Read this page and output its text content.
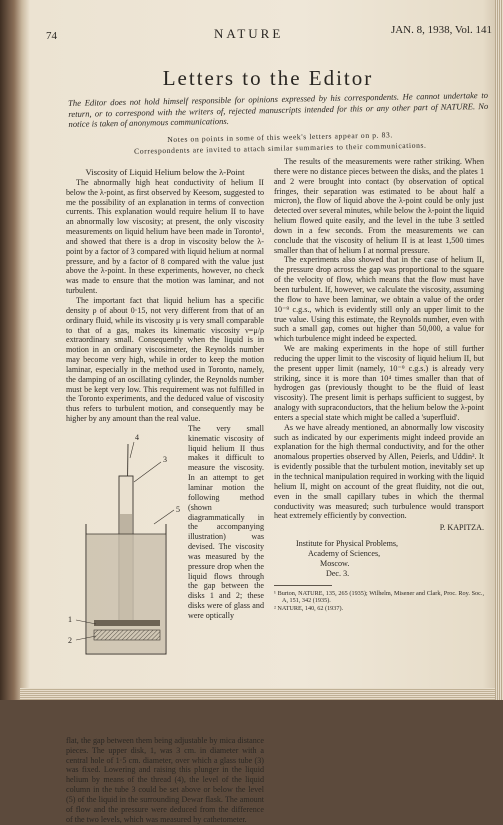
74	NATURE	JAN. 8, 1938, Vol. 141
Letters to the Editor
The Editor does not hold himself responsible for opinions expressed by his correspondents. He cannot undertake to return, or to correspond with the writers of, rejected manuscripts intended for this or any other part of NATURE. No notice is taken of anonymous communications.
Notes on points in some of this week's letters appear on p. 83.
Correspondents are invited to attach similar summaries to their communications.

Viscosity of Liquid Helium below the λ-Point

The abnormally high heat conductivity of helium II below the λ-point, as first observed by Keesom, suggested to me the possibility of an explanation in terms of convection currents. This explanation would require helium II to have an abnormally low viscosity; at present, the only viscosity measurements on liquid helium have been made in Toronto¹, and showed that there is a drop in viscosity below the λ-point by a factor of 3 compared with liquid helium at normal pressure, and by a factor of 8 compared with the value just above the λ-point. In these experiments, however, no check was made to ensure that the motion was laminar, and not turbulent.

The important fact that liquid helium has a specific density ρ of about 0·15, not very different from that of an ordinary fluid, while its viscosity μ is very small comparable to that of a gas, makes its kinematic viscosity ν=μ/ρ extraordinary small. Consequently when the liquid is in motion in an ordinary viscosimeter, the Reynolds number may become very high, while in order to keep the motion laminar, especially in the method used in Toronto, namely, the damping of an oscillating cylinder, the Reynolds number must be kept very low. This requirement was not fulfilled in the Toronto experiments, and the deduced value of viscosity thus refers to turbulent motion, and consequently may be higher by any amount than the real value.

4
3
5
1
2

The very small kinematic viscosity of liquid helium II thus makes it difficult to measure the viscosity. In an attempt to get laminar motion the following method (shown diagrammatically in the accompanying illustration) was devised. The viscosity was measured by the pressure drop when the liquid flows through the gap between the disks 1 and 2; these disks were of glass and were optically

flat, the gap between them being adjustable by mica distance pieces. The upper disk, 1, was 3 cm. in diameter with a central hole of 1·5 cm. diameter, over which a glass tube (3) was fixed. Lowering and raising this plunger in the liquid helium by means of the thread (4), the level of the liquid column in the tube 3 could be set above or below the level (5) of the liquid in the surrounding Dewar flask. The amount of flow and the pressure were deduced from the difference of the two levels, which was measured by cathetometer.

The results of the measurements were rather striking. When there were no distance pieces between the disks, and the plates 1 and 2 were brought into contact (by observation of optical fringes, their separation was estimated to be about half a micron), the flow of liquid above the λ-point could be only just detected over several minutes, while below the λ-point the liquid helium flowed quite easily, and the level in the tube 3 settled down in a few seconds. From the measurements we can conclude that the viscosity of helium II is at least 1,500 times smaller than that of helium I at normal pressure.

The experiments also showed that in the case of helium II, the pressure drop across the gap was proportional to the square of the velocity of flow, which means that the flow must have been turbulent. If, however, we calculate the viscosity, assuming the flow to have been laminar, we obtain a value of the order 10⁻⁹ c.g.s., which is evidently still only an upper limit to the true value. Using this estimate, the Reynolds number, even with such a small gap, comes out higher than 50,000, a value for which turbulence might indeed be expected.

We are making experiments in the hope of still further reducing the upper limit to the viscosity of liquid helium II, but the present upper limit (namely, 10⁻⁹ c.g.s.) is already very striking, since it is more than 10⁴ times smaller than that of hydrogen gas (previously thought to be the fluid of least viscosity). The present limit is perhaps sufficient to suggest, by analogy with supraconductors, that the helium below the λ-point enters a special state which might be called a 'superfluid'.

As we have already mentioned, an abnormally low viscosity such as indicated by our experiments might indeed provide an explanation for the high thermal conductivity, and for the other anomalous properties observed by Allen, Peierls, and Uddin². It is evidently possible that the turbulent motion, inevitably set up in the technical manipulation required in working with the liquid helium II, might on account of the great fluidity, not die out, even in the small capillary tubes in which the thermal conductivity was measured; such turbulence would transport heat extremely efficiently by convection.

P. KAPITZA.
Institute for Physical Problems,
Academy of Sciences,
Moscow.
Dec. 3.
¹ Burton, NATURE, 135, 265 (1935); Wilhelm, Misener and Clark, Proc. Roy. Soc., A, 151, 342 (1935).
² NATURE, 140, 62 (1937).
